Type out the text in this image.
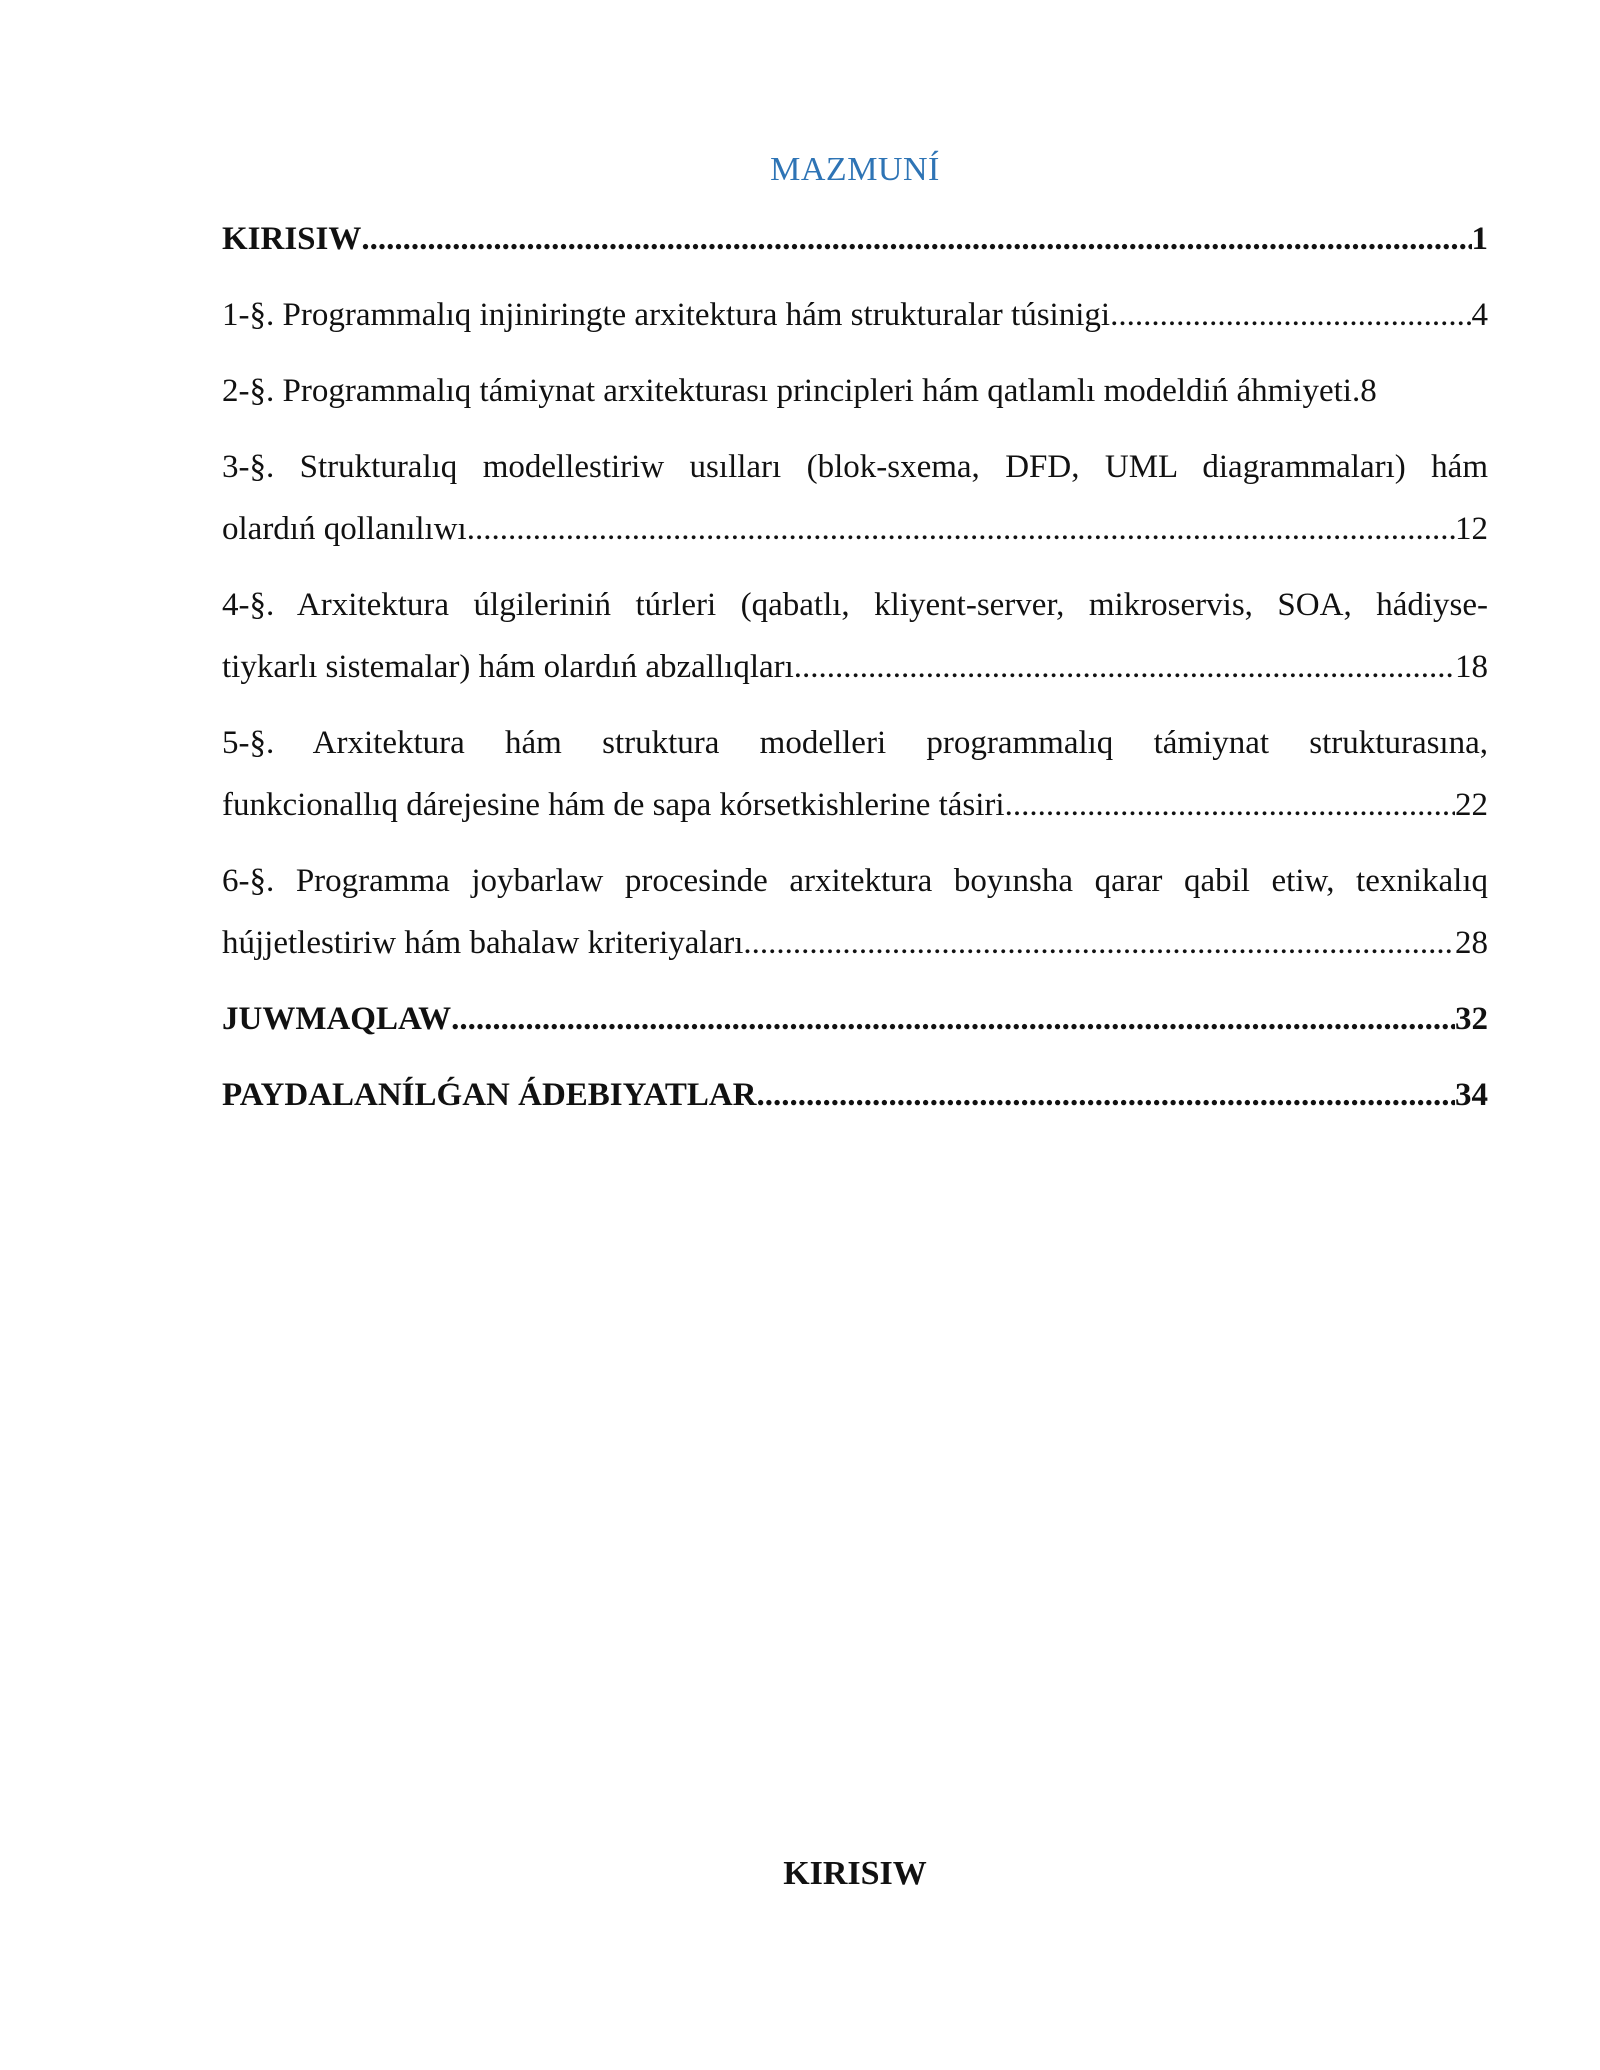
MAZMUNÍ
KIRISIW .....	1
1-§. Programmalıq injiniringte arxitektura hám strukturalar túsinigi .....	4
2-§. Programmalıq támiynat arxitekturası principleri hám qatlamlı modeldiń áhmiyeti. 8
3-§. Strukturalıq modellestiriw usılları (blok-sxema, DFD, UML diagrammaları) hám
olardıń qollanılıwı .....	12
4-§. Arxitektura úlgileriniń túrleri (qabatlı, kliyent-server, mikroservis, SOA, hádiyse-
tiykarlı sistemalar) hám olardıń abzallıqları .....	18
5-§. Arxitektura hám struktura modelleri programmalıq támiynat strukturasına,
funkcionallıq dárejesine hám de sapa kórsetkishlerine tásiri .....	22
6-§. Programma joybarlaw procesinde arxitektura boyınsha qarar qabil etiw, texnikalıq
hújjetlestiriw hám bahalaw kriteriyaları .....	28
JUWMAQLAW .....	32
PAYDALANÍLǴAN ÁDEBIYATLAR .....	34
KIRISIW
